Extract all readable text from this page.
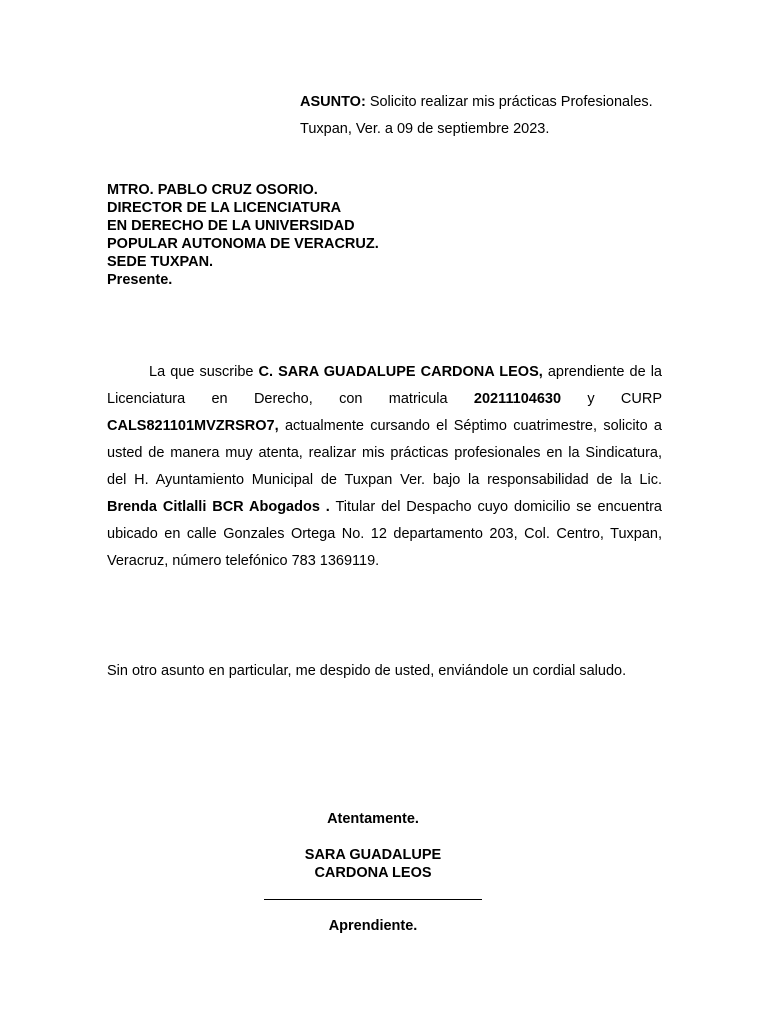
ASUNTO: Solicito realizar mis prácticas Profesionales.
Tuxpan, Ver. a 09 de septiembre 2023.
MTRO. PABLO CRUZ OSORIO.
DIRECTOR DE LA LICENCIATURA
EN DERECHO DE LA UNIVERSIDAD
POPULAR AUTONOMA DE VERACRUZ.
SEDE TUXPAN.
Presente.
La que suscribe C. SARA GUADALUPE CARDONA LEOS, aprendiente de la Licenciatura en Derecho, con matricula 20211104630 y CURP CALS821101MVZRSRO7, actualmente cursando el Séptimo cuatrimestre, solicito a usted de manera muy atenta, realizar mis prácticas profesionales en la Sindicatura, del H. Ayuntamiento Municipal de Tuxpan Ver. bajo la responsabilidad de la Lic. Brenda Citlalli BCR Abogados . Titular del Despacho cuyo domicilio se encuentra ubicado en calle Gonzales Ortega No. 12 departamento 203, Col. Centro, Tuxpan, Veracruz, número telefónico 783 1369119.
Sin otro asunto en particular, me despido de usted, enviándole un cordial saludo.
Atentamente.
SARA GUADALUPE
CARDONA LEOS
Aprendiente.
